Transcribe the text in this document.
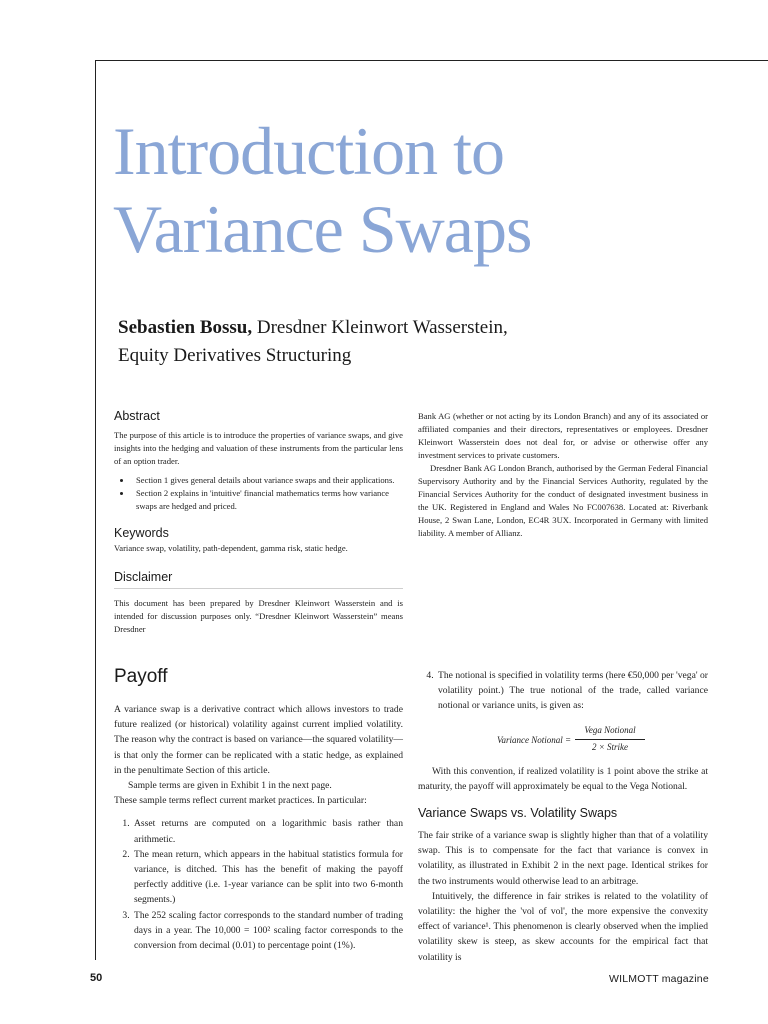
Introduction to
Variance Swaps
Sebastien Bossu, Dresdner Kleinwort Wasserstein,
Equity Derivatives Structuring
Abstract

The purpose of this article is to introduce the properties of variance swaps, and give insights into the hedging and valuation of these instruments from the particular lens of an option trader.

• Section 1 gives general details about variance swaps and their applications.
• Section 2 explains in 'intuitive' financial mathematics terms how variance swaps are hedged and priced.
Keywords

Variance swap, volatility, path-dependent, gamma risk, static hedge.

Disclaimer

This document has been prepared by Dresdner Kleinwort Wasserstein and is intended for discussion purposes only. “Dresdner Kleinwort Wasserstein” means Dresdner

Bank AG (whether or not acting by its London Branch) and any of its associated or affiliated companies and their directors, representatives or employees. Dresdner Kleinwort Wasserstein does not deal for, or advise or otherwise offer any investment services to private customers.

Dresdner Bank AG London Branch, authorised by the German Federal Financial Supervisory Authority and by the Financial Services Authority, regulated by the Financial Services Authority for the conduct of designated investment business in the UK. Registered in England and Wales No FC007638. Located at: Riverbank House, 2 Swan Lane, London, EC4R 3UX. Incorporated in Germany with limited liability. A member of Allianz.

Payoff

A variance swap is a derivative contract which allows investors to trade future realized (or historical) volatility against current implied volatility. The reason why the contract is based on variance—the squared volatility—is that only the former can be replicated with a static hedge, as explained in the penultimate Section of this article.

Sample terms are given in Exhibit 1 in the next page.

These sample terms reflect current market practices. In particular:

1. Asset returns are computed on a logarithmic basis rather than arithmetic.
2. The mean return, which appears in the habitual statistics formula for variance, is ditched. This has the benefit of making the payoff perfectly additive (i.e. 1-year variance can be split into two 6-month segments.)
3. The 252 scaling factor corresponds to the standard number of trading days in a year. The 10,000 = 100² scaling factor corresponds to the conversion from decimal (0.01) to percentage point (1%).
4. The notional is specified in volatility terms (here €50,000 per 'vega' or volatility point.) The true notional of the trade, called variance notional or variance units, is given as:
Variance Notional =
Vega Notional
2 × Strike

With this convention, if realized volatility is 1 point above the strike at maturity, the payoff will approximately be equal to the Vega Notional.

Variance Swaps vs. Volatility Swaps

The fair strike of a variance swap is slightly higher than that of a volatility swap. This is to compensate for the fact that variance is convex in volatility, as illustrated in Exhibit 2 in the next page. Identical strikes for the two instruments would otherwise lead to an arbitrage.

Intuitively, the difference in fair strikes is related to the volatility of volatility: the higher the 'vol of vol', the more expensive the convexity effect of variance¹. This phenomenon is clearly observed when the implied volatility skew is steep, as skew accounts for the empirical fact that volatility is

50	WILMOTT magazine
